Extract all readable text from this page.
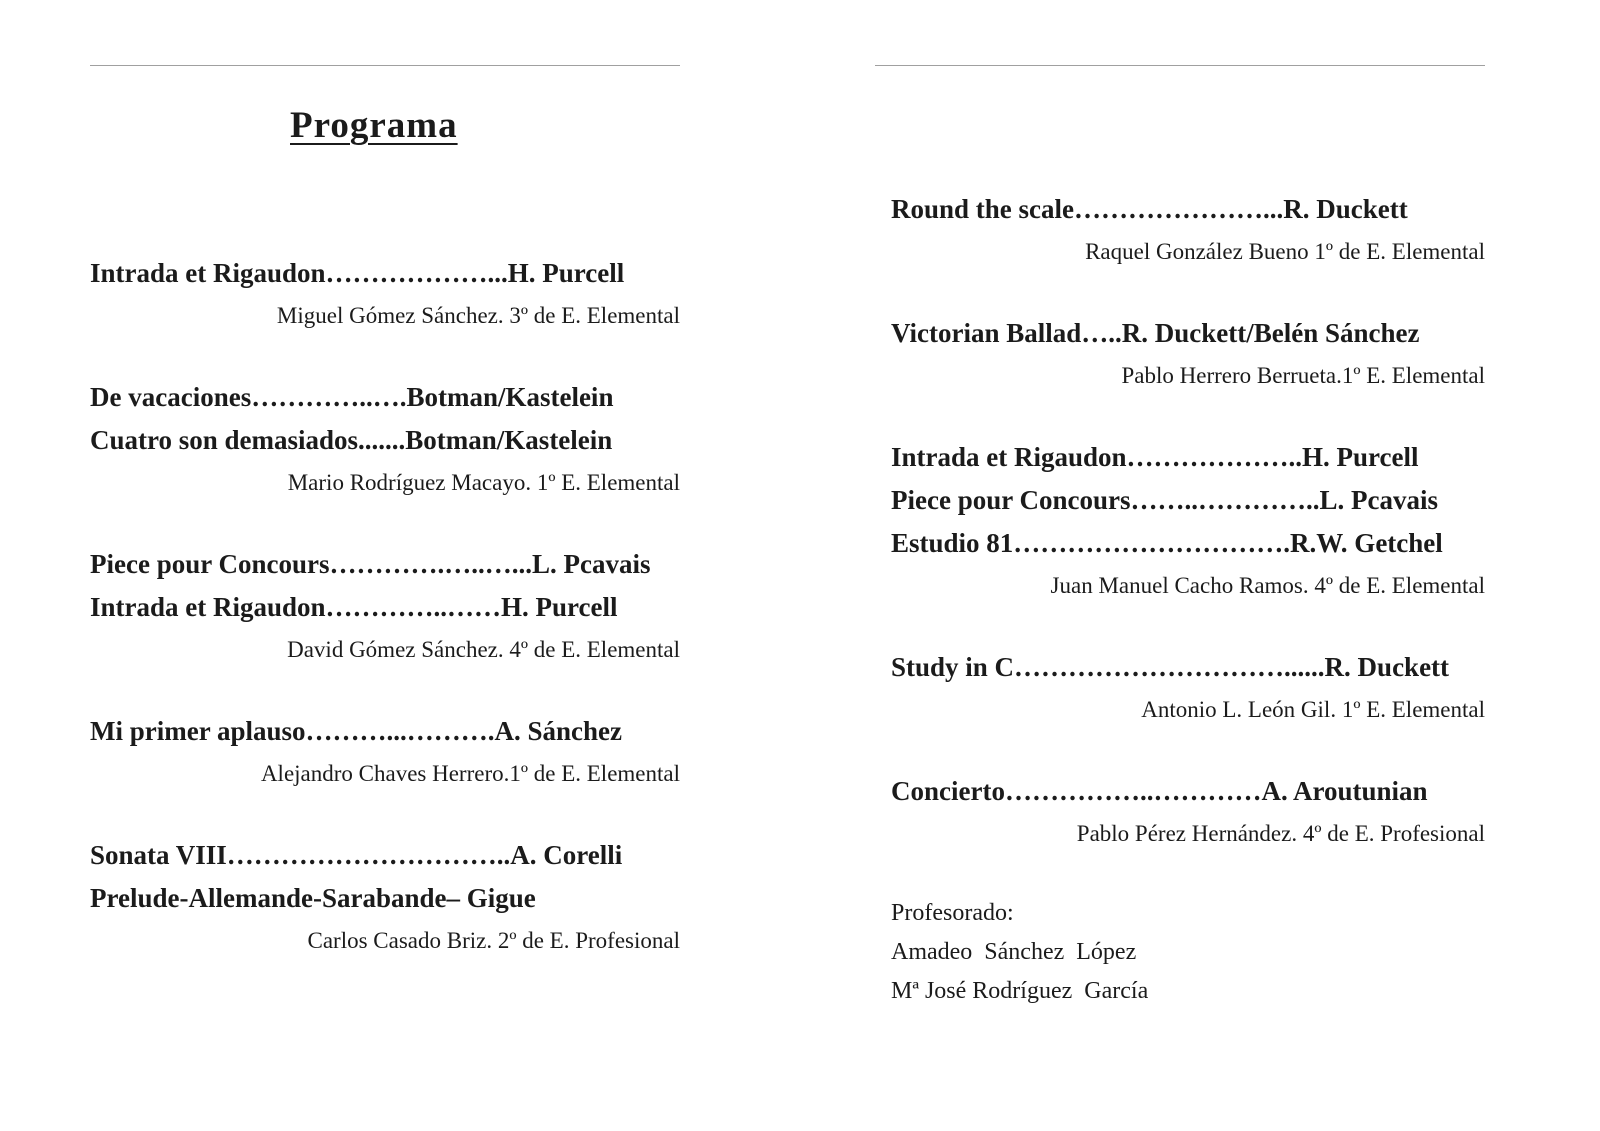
Programa
Intrada et Rigaudon………………...H. Purcell
Miguel Gómez Sánchez. 3º de E. Elemental
De vacaciones…………..….Botman/Kastelein
Cuatro son demasiados.......Botman/Kastelein
Mario Rodríguez Macayo. 1º E. Elemental
Piece pour Concours………….…..…...L. Pcavais
Intrada et Rigaudon…………..……H. Purcell
David Gómez Sánchez. 4º de E. Elemental
Mi primer aplauso………...……….A. Sánchez
Alejandro Chaves Herrero.1º de E. Elemental
Sonata VIII…………………………..A. Corelli
Prelude-Allemande-Sarabande– Gigue
Carlos Casado Briz. 2º de E. Profesional
Round the scale…………………...R. Duckett
Raquel González Bueno 1º de E. Elemental
Victorian Ballad…..R. Duckett/Belén Sánchez
Pablo Herrero Berrueta.1º E. Elemental
Intrada et Rigaudon………………..H. Purcell
Piece pour Concours……..…………..L. Pcavais
Estudio 81………………………….R.W. Getchel
Juan Manuel Cacho Ramos. 4º de E. Elemental
Study in C…………………………......R. Duckett
Antonio L. León Gil. 1º E. Elemental
Concierto……………..…………A. Aroutunian
Pablo Pérez Hernández. 4º de E. Profesional
Profesorado:
Amadeo  Sánchez  López
Mª José Rodríguez  García
